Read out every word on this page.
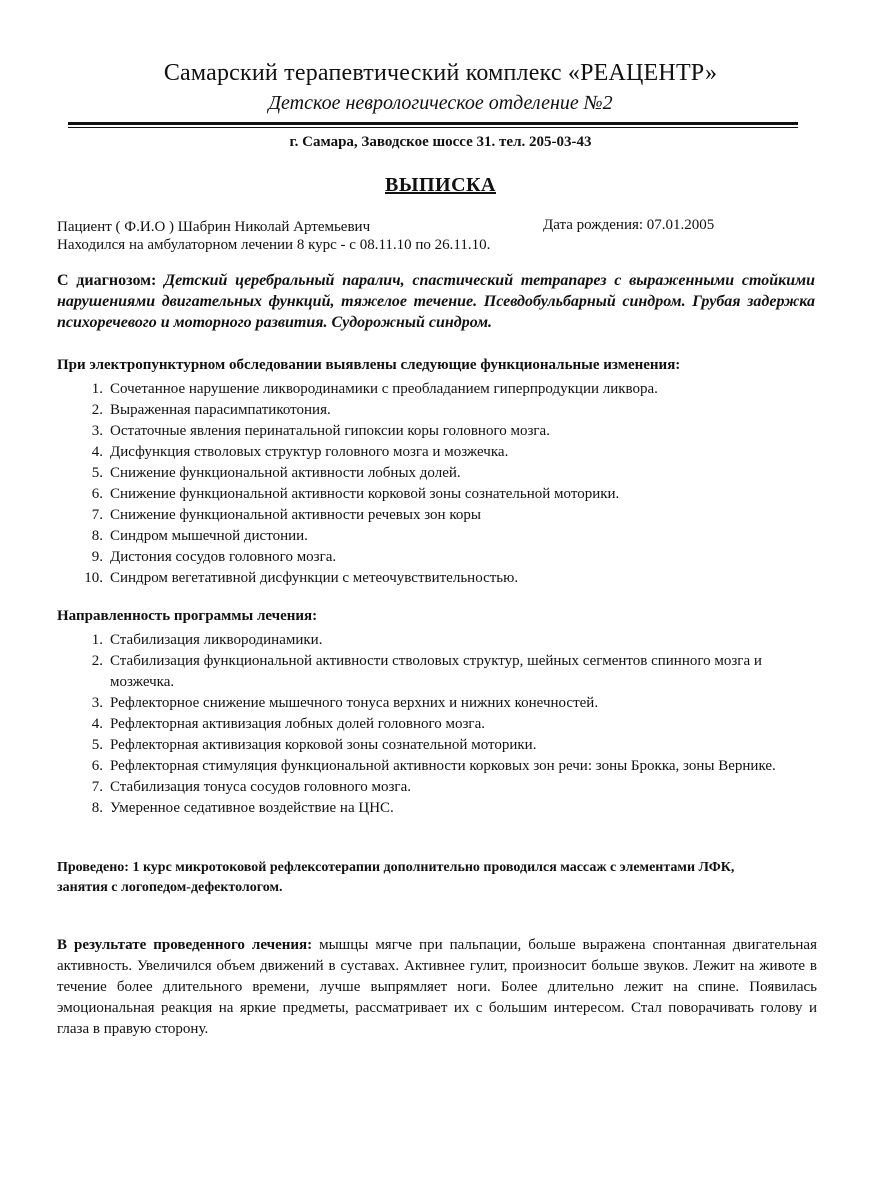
Самарский терапевтический комплекс «РЕАЦЕНТР»
Детское неврологическое отделение №2
г. Самара, Заводское шоссе 31. тел. 205-03-43
ВЫПИСКА
Пациент ( Ф.И.О ) Шабрин Николай Артемьевич	Дата рождения: 07.01.2005
Находился на амбулаторном лечении 8 курс - с 08.11.10 по 26.11.10.
С диагнозом: Детский церебральный паралич, спастический тетрапарез с выраженными стойкими нарушениями двигательных функций, тяжелое течение. Псевдобульбарный синдром. Грубая задержка психоречевого и моторного развития. Судорожный синдром.
При электропунктурном обследовании выявлены следующие функциональные изменения:
1. Сочетанное нарушение ликвородинамики с преобладанием гиперпродукции ликвора.
2. Выраженная парасимпатикотония.
3. Остаточные явления перинатальной гипоксии коры головного мозга.
4. Дисфункция стволовых структур головного мозга и мозжечка.
5. Снижение функциональной активности лобных долей.
6. Снижение функциональной активности корковой зоны сознательной моторики.
7. Снижение функциональной активности речевых зон коры
8. Синдром мышечной дистонии.
9. Дистония сосудов головного мозга.
10. Синдром вегетативной дисфункции с метеочувствительностью.
Направленность программы лечения:
1. Стабилизация ликвородинамики.
2. Стабилизация функциональной активности стволовых структур, шейных сегментов спинного мозга и мозжечка.
3. Рефлекторное снижение мышечного тонуса верхних и нижних конечностей.
4. Рефлекторная активизация лобных долей головного мозга.
5. Рефлекторная активизация корковой зоны сознательной моторики.
6. Рефлекторная стимуляция функциональной активности корковых зон речи: зоны Брокка, зоны Вернике.
7. Стабилизация тонуса сосудов головного мозга.
8. Умеренное седативное воздействие на ЦНС.
Проведено: 1 курс микротоковой рефлексотерапии дополнительно проводился массаж с элементами ЛФК, занятия с логопедом-дефектологом.
В результате проведенного лечения: мышцы мягче при пальпации, больше выражена спонтанная двигательная активность. Увеличился объем движений в суставах. Активнее гулит, произносит больше звуков. Лежит на животе в течение более длительного времени, лучше выпрямляет ноги. Более длительно лежит на спине. Появилась эмоциональная реакция на яркие предметы, рассматривает их с большим интересом. Стал поворачивать голову и глаза в правую сторону.
